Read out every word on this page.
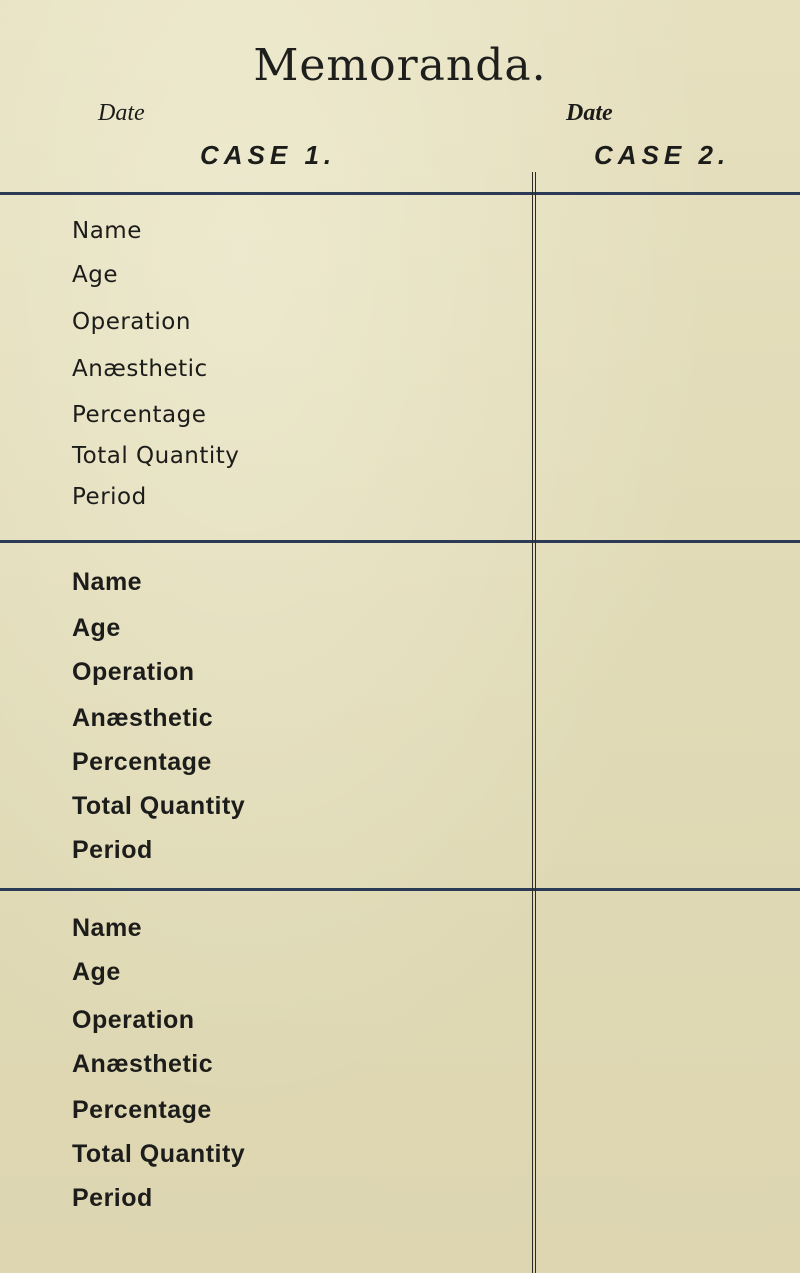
Memoranda.
Date	Date
CASE 1.	CASE 2.
Name
Age
Operation
Anæsthetic
Percentage
Total Quantity
Period
Name
Age
Operation
Anæsthetic
Percentage
Total Quantity
Period
Name
Age
Operation
Anæsthetic
Percentage
Total Quantity
Period
